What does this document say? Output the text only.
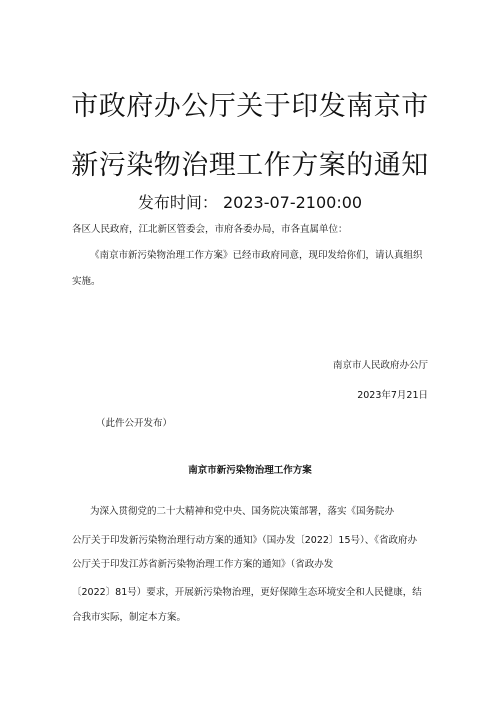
市政府办公厅关于印发南京市
新污染物治理工作方案的通知
发布时间： 2023-07-2100:00
各区人民政府，江北新区管委会，市府各委办局，市各直属单位：
《南京市新污染物治理工作方案》已经市政府同意，现印发给你们，请认真组织
实施。
南京市人民政府办公厅
2023年7月21日
（此件公开发布）
南京市新污染物治理工作方案
为深入贯彻党的二十大精神和党中央、国务院决策部署，落实《国务院办
公厅关于印发新污染物治理行动方案的通知》（国办发〔2022〕15号）、《省政府办
公厅关于印发江苏省新污染物治理工作方案的通知》（省政办发
〔2022〕81号）要求，开展新污染物治理，更好保障生态环境安全和人民健康，结
合我市实际，制定本方案。
